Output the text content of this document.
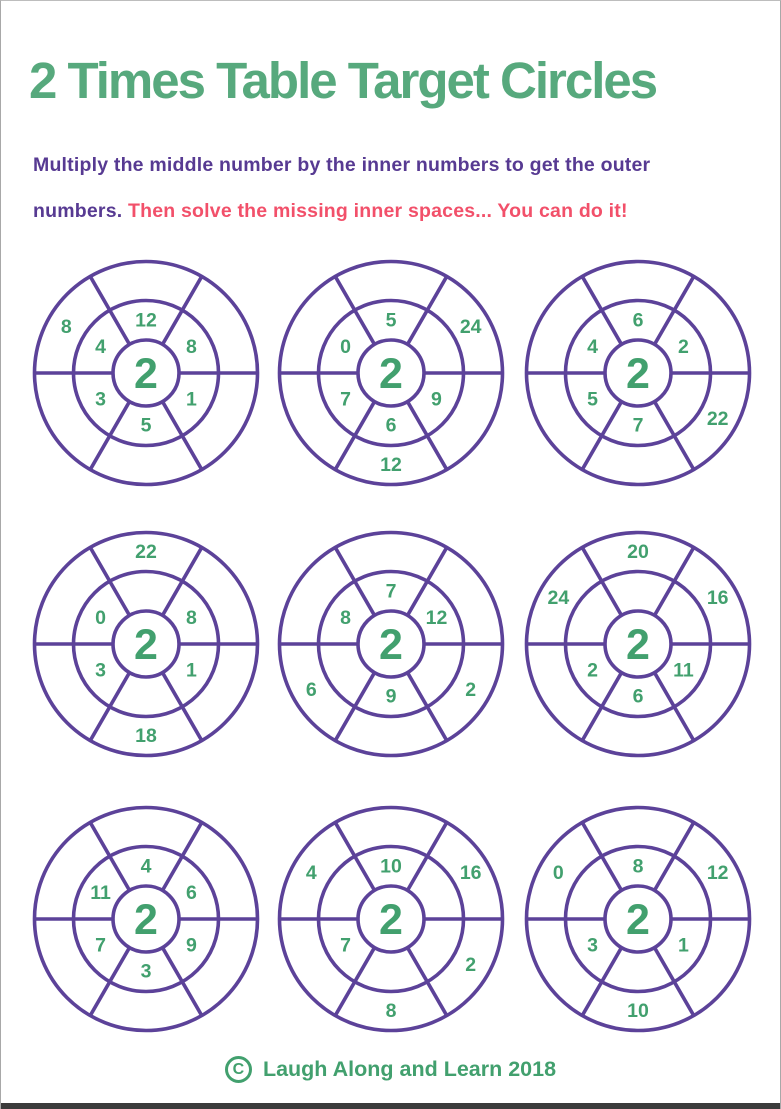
2 Times Table Target Circles
Multiply the middle number by the inner numbers to get the outer
numbers. Then solve the missing inner spaces... You can do it!
2
12
8
1
5
3
4
8
2
5	24
9
6
12
7
0
2
6
2
22
7
5
4
2
22
8
1
18
3
0
2
7
12
2
9
6
8
2
20
16
11
6
2
24
2
4
6
9
3
7
11
2
10	16
2
8
7
4
2
8	12
1
10
3
0
C Laugh Along and Learn 2018
